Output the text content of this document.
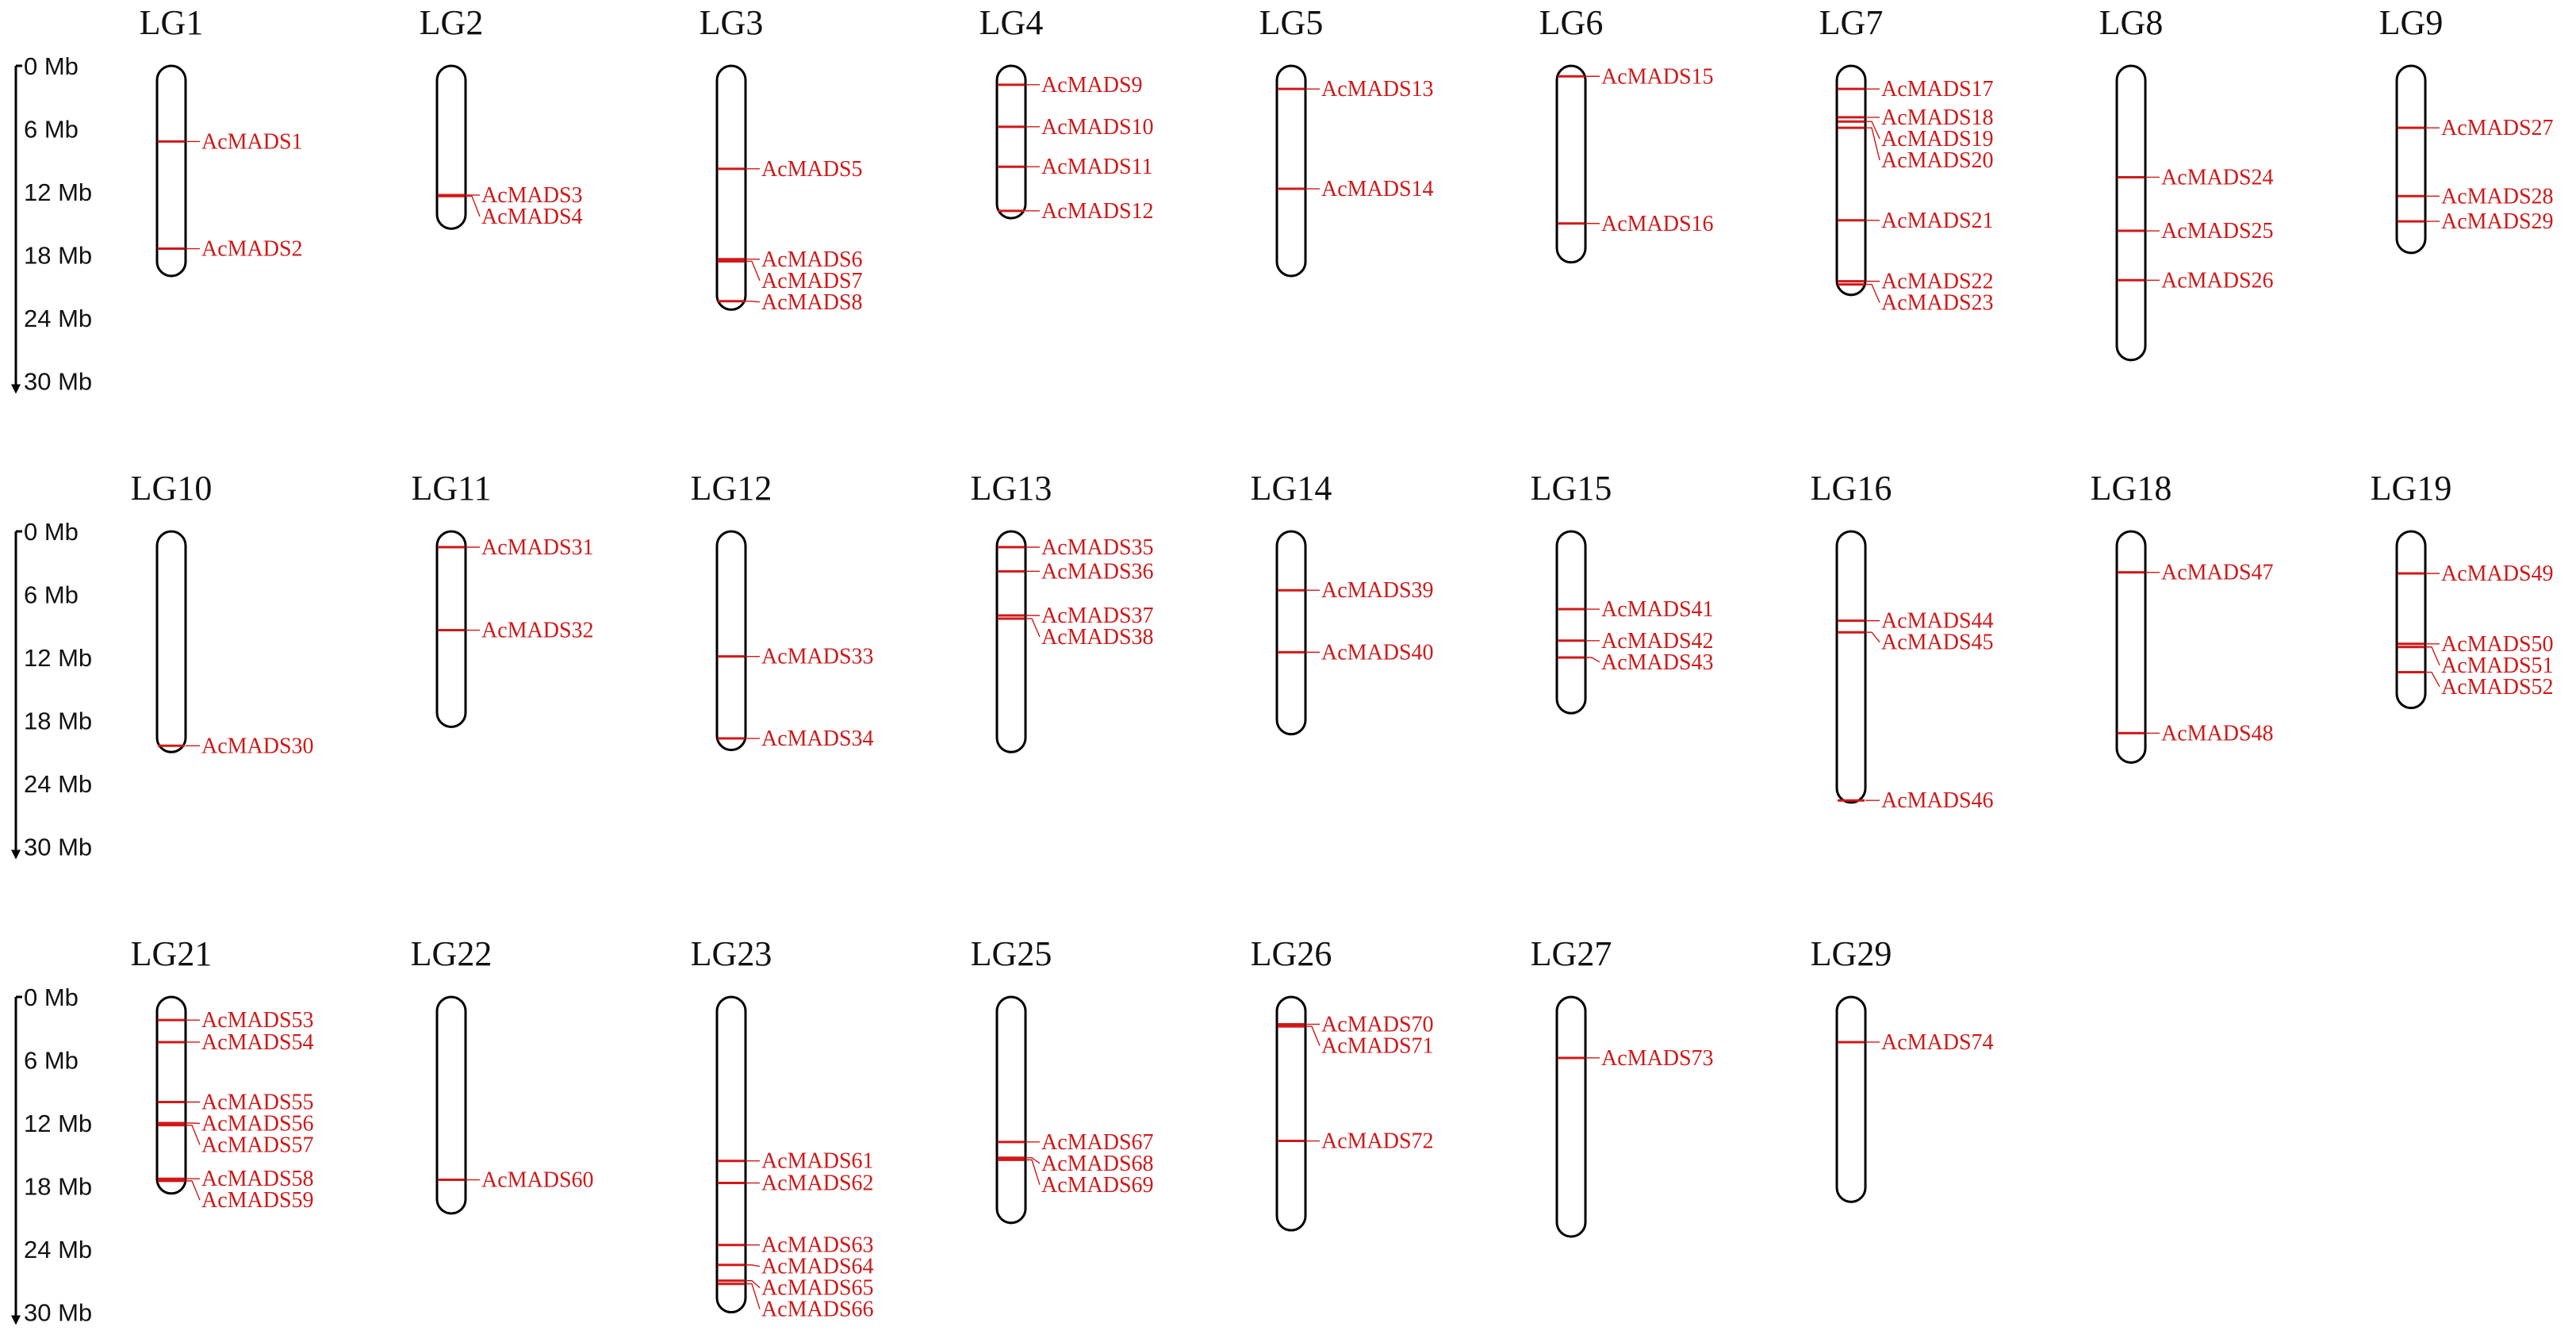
0 Mb
6 Mb
12 Mb
18 Mb
24 Mb
30 Mb
0 Mb
6 Mb
12 Mb
18 Mb
24 Mb
30 Mb
0 Mb
6 Mb
12 Mb
18 Mb
24 Mb
30 Mb
LG1
AcMADS1
AcMADS2
LG2
AcMADS3
AcMADS4
LG3
AcMADS5
AcMADS6
AcMADS7
AcMADS8
LG4
AcMADS9
AcMADS10
AcMADS11
AcMADS12
LG5
AcMADS13
AcMADS14
LG6
AcMADS15
AcMADS16
LG7
AcMADS17
AcMADS18
AcMADS19
AcMADS20
AcMADS21
AcMADS22
AcMADS23
LG8
AcMADS24
AcMADS25
AcMADS26
LG9
AcMADS27
AcMADS28
AcMADS29
LG10
AcMADS30
LG11
AcMADS31
AcMADS32
LG12
AcMADS33
AcMADS34
LG13
AcMADS35
AcMADS36
AcMADS37
AcMADS38
LG14
AcMADS39
AcMADS40
LG15
AcMADS41
AcMADS42
AcMADS43
LG16
AcMADS44
AcMADS45
AcMADS46
LG18
AcMADS47
AcMADS48
LG19
AcMADS49
AcMADS50
AcMADS51
AcMADS52
LG21
AcMADS53
AcMADS54
AcMADS55
AcMADS56
AcMADS57
AcMADS58
AcMADS59
LG22
AcMADS60
LG23
AcMADS61
AcMADS62
AcMADS63
AcMADS64
AcMADS65
AcMADS66
LG25
AcMADS67
AcMADS68
AcMADS69
LG26
AcMADS70
AcMADS71
AcMADS72
LG27
AcMADS73
LG29
AcMADS74
